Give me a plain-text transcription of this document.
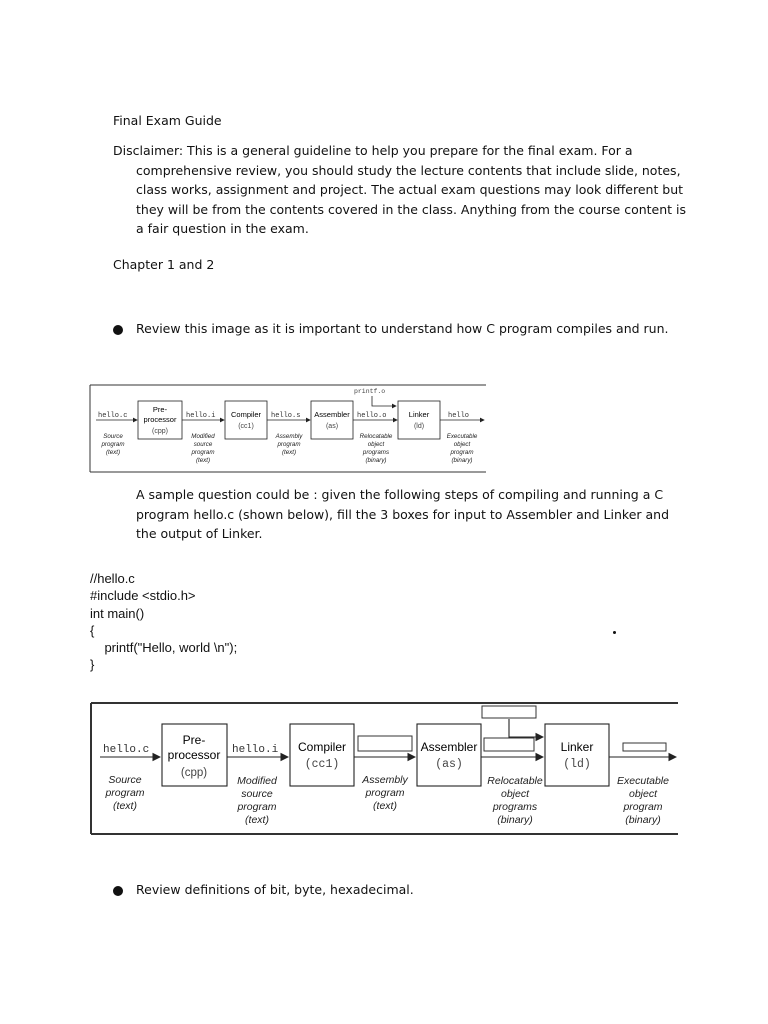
Final Exam Guide
Disclaimer: This is a general guideline to help you prepare for the final exam. For a comprehensive review, you should study the lecture contents that include slide, notes, class works, assignment and project. The actual exam questions may look different but they will be from the contents covered in the class. Anything from the course content is a fair question in the exam.
Chapter 1 and 2
Review this image as it is important to understand how C program compiles and run.
printf.o
hello.c
Pre-
processor
(cpp)
hello.i Compiler
(cc1)
hello.s Assembler
(as)
hello.o	Linker
(ld)
hello
Source
program
(text)
Modified
source
program
(text)
Assembly
program
(text)
Relocatable
object
programs
(binary)
Executable
object
program
(binary)
A sample question could be : given the following steps of compiling and running a C program hello.c (shown below), fill the 3 boxes for input to Assembler and Linker and the output of Linker.
//hello.c
#include <stdio.h>
int main()
{
printf("Hello, world \n");
}
hello.c
Pre-
processor
(cpp)
hello.i Compiler
(cc1)
Assembler
(as)
Linker
(ld)
Source
program
(text)
Modified
source
program
(text)
Assembly
program
(text)
Relocatable
object
programs
(binary)
Executable
object
program
(binary)
Review definitions of bit, byte, hexadecimal.
